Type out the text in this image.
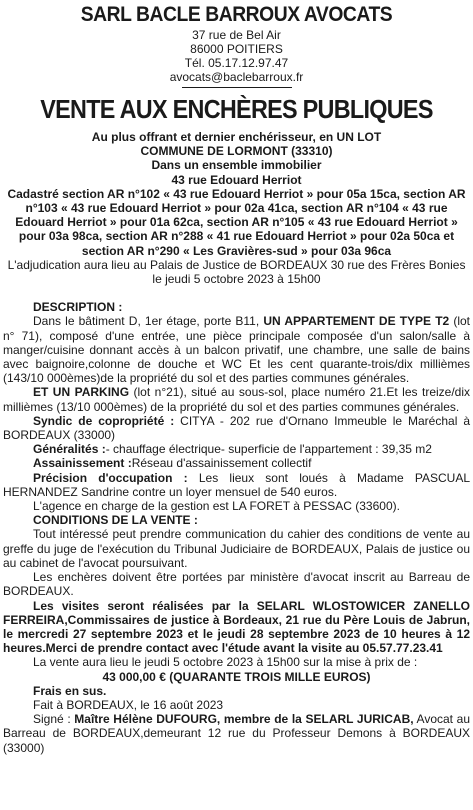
SARL BACLE BARROUX AVOCATS
37 rue de Bel Air
86000 POITIERS
Tél. 05.17.12.97.47
avocats@baclebarroux.fr
VENTE AUX ENCHÈRES PUBLIQUES
Au plus offrant et dernier enchérisseur, en UN LOT
COMMUNE DE LORMONT (33310)
Dans un ensemble immobilier
43 rue Edouard Herriot
Cadastré section AR n°102 « 43 rue Edouard Herriot » pour 05a 15ca, section AR n°103 « 43 rue Edouard Herriot » pour 02a 41ca, section AR n°104 « 43 rue Edouard Herriot » pour 01a 62ca, section AR n°105 « 43 rue Edouard Herriot » pour 03a 98ca, section AR n°288 « 41 rue Edouard Herriot » pour 02a 50ca et section AR n°290 « Les Gravières-sud » pour 03a 96ca
L'adjudication aura lieu au Palais de Justice de BORDEAUX 30 rue des Frères Bonies le jeudi 5 octobre 2023 à 15h00

DESCRIPTION :

Dans le bâtiment D, 1er étage, porte B11, UN APPARTEMENT DE TYPE T2 (lot n° 71), composé d'une entrée, une pièce principale composée d'un salon/salle à manger/cuisine donnant accès à un balcon privatif, une chambre, une salle de bains avec baignoire,colonne de douche et WC Et les cent quarante-trois/dix millièmes (143/10 000èmes)de la propriété du sol et des parties communes générales.

ET UN PARKING (lot n°21), situé au sous-sol, place numéro 21.Et les treize/dix millièmes (13/10 000èmes) de la propriété du sol et des parties communes générales.

Syndic de copropriété : CITYA - 202 rue d'Ornano Immeuble le Maréchal à BORDEAUX (33000)

Généralités :- chauffage électrique- superficie de l'appartement : 39,35 m2

Assainissement :Réseau d'assainissement collectif

Précision d'occupation : Les lieux sont loués à Madame PASCUAL HERNANDEZ Sandrine contre un loyer mensuel de 540 euros.

L'agence en charge de la gestion est LA FORET à PESSAC (33600).

CONDITIONS DE LA VENTE :

Tout intéressé peut prendre communication du cahier des conditions de vente au greffe du juge de l'exécution du Tribunal Judiciaire de BORDEAUX, Palais de justice ou au cabinet de l'avocat poursuivant.

Les enchères doivent être portées par ministère d'avocat inscrit au Barreau de BORDEAUX.

Les visites seront réalisées par la SELARL WLOSTOWICER ZANELLO FERREIRA,Commissaires de justice à Bordeaux, 21 rue du Père Louis de Jabrun, le mercredi 27 septembre 2023 et le jeudi 28 septembre 2023 de 10 heures à 12 heures.Merci de prendre contact avec l'étude avant la visite au 05.57.77.23.41

La vente aura lieu le jeudi 5 octobre 2023 à 15h00 sur la mise à prix de :

43 000,00 € (QUARANTE TROIS MILLE EUROS)

Frais en sus.

Fait à BORDEAUX, le 16 août 2023

Signé : Maître Hélène DUFOURG, membre de la SELARL JURICAB, Avocat au Barreau de BORDEAUX,demeurant 12 rue du Professeur Demons à BORDEAUX (33000)
